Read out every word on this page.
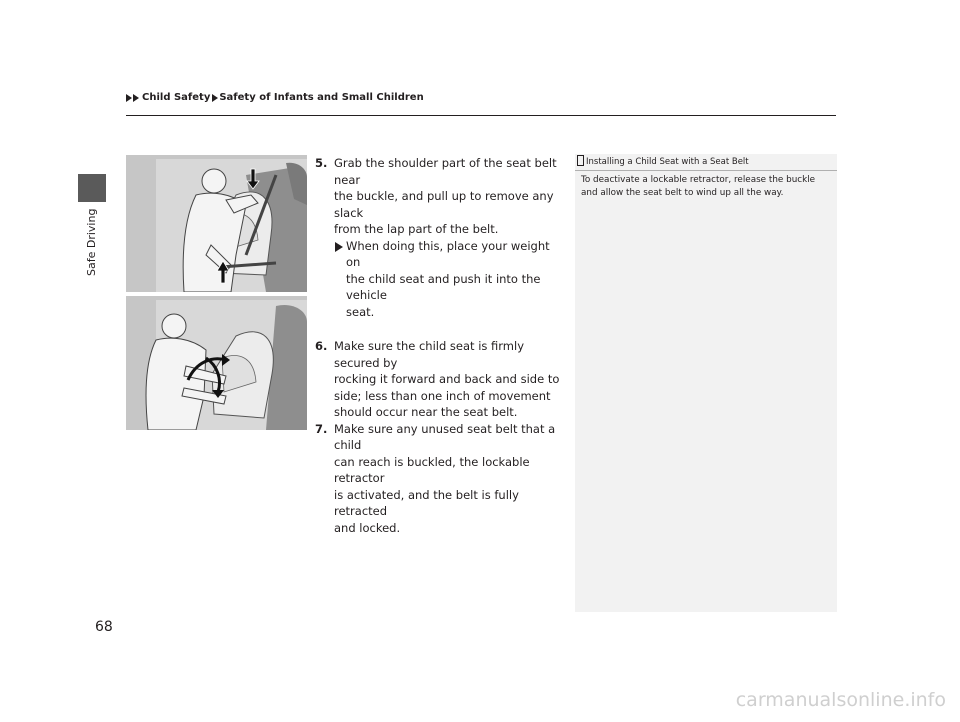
Child Safety Safety of Infants and Small Children
Safe Driving
5. Grab the shoulder part of the seat belt near
the buckle, and pull up to remove any slack
from the lap part of the belt.
When doing this, place your weight on
the child seat and push it into the vehicle
seat.
6. Make sure the child seat is firmly secured by
rocking it forward and back and side to
side; less than one inch of movement
should occur near the seat belt.
7. Make sure any unused seat belt that a child
can reach is buckled, the lockable retractor
is activated, and the belt is fully retracted
and locked.
Installing a Child Seat with a Seat Belt
To deactivate a lockable retractor, release the buckle
and allow the seat belt to wind up all the way.
68
carmanualsonline.info
